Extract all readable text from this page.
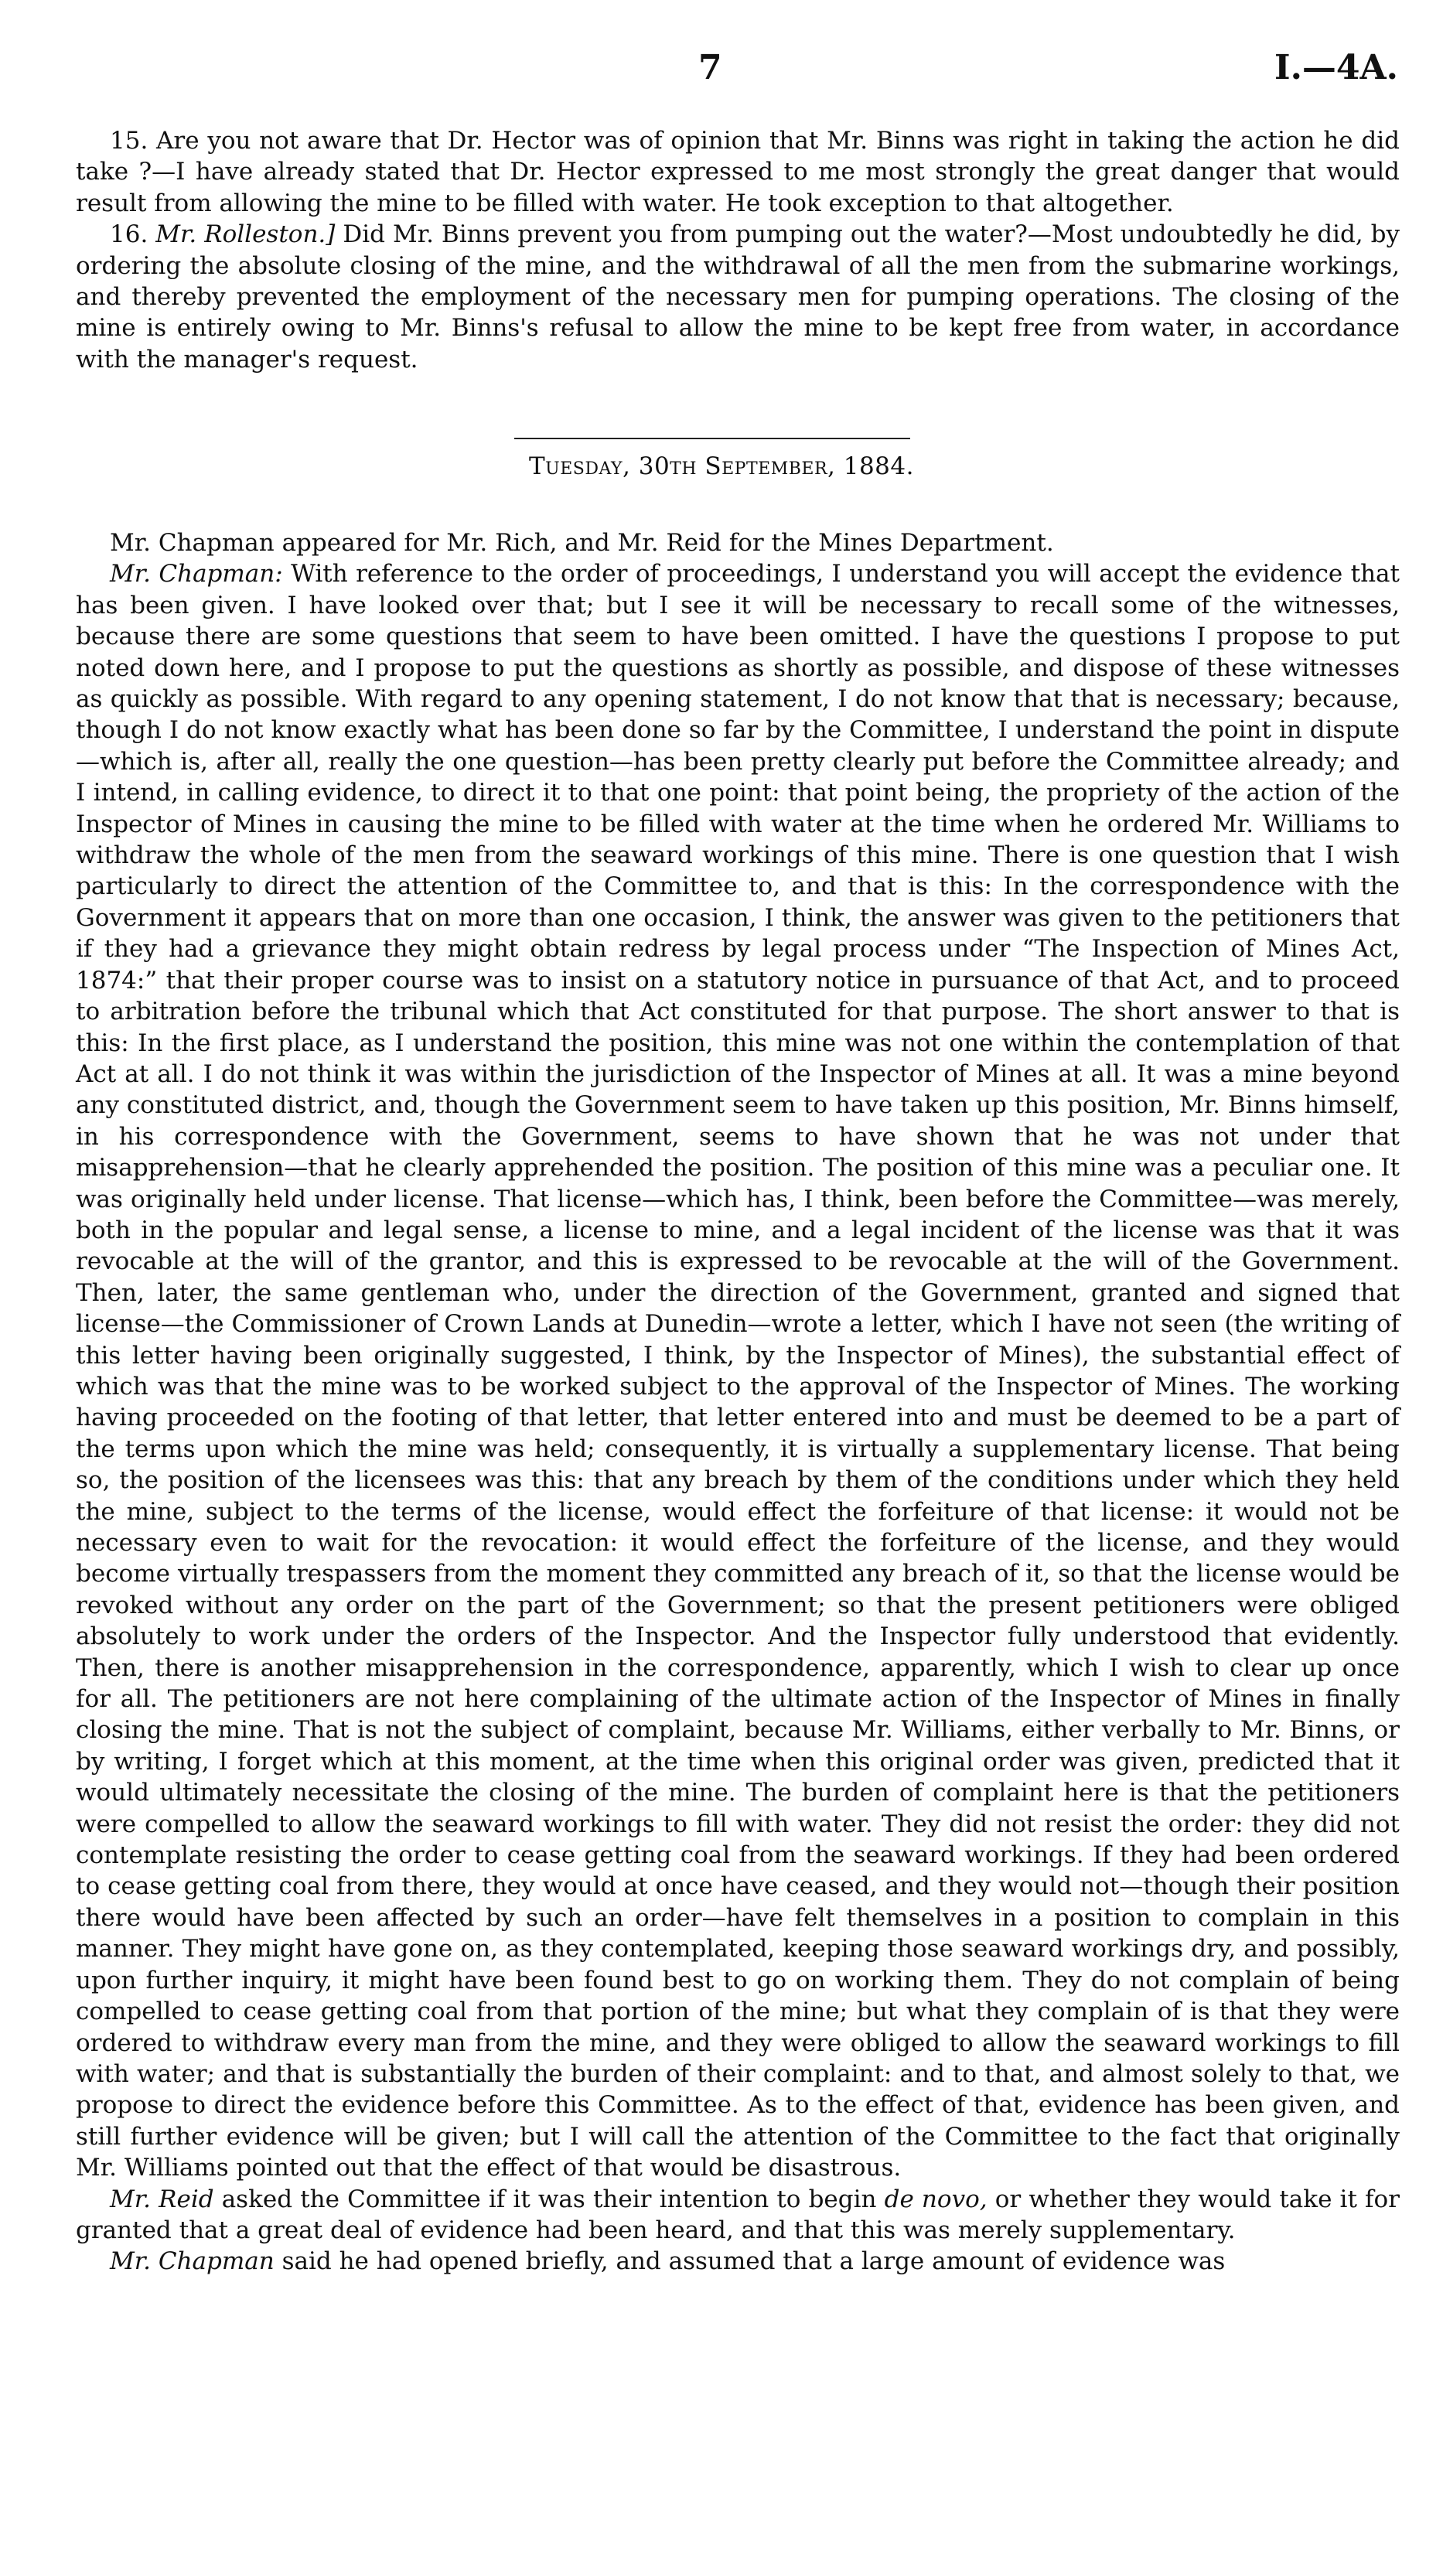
7	I.—4A.

15. Are you not aware that Dr. Hector was of opinion that Mr. Binns was right in taking the action he did take ?—I have already stated that Dr. Hector expressed to me most strongly the great danger that would result from allowing the mine to be filled with water. He took exception to that altogether.

16. Mr. Rolleston.] Did Mr. Binns prevent you from pumping out the water?—Most undoubtedly he did, by ordering the absolute closing of the mine, and the withdrawal of all the men from the submarine workings, and thereby prevented the employment of the necessary men for pumping operations. The closing of the mine is entirely owing to Mr. Binns's refusal to allow the mine to be kept free from water, in accordance with the manager's request.

Tuesday, 30th September, 1884.

Mr. Chapman appeared for Mr. Rich, and Mr. Reid for the Mines Department.

Mr. Chapman: With reference to the order of proceedings, I understand you will accept the evidence that has been given. I have looked over that; but I see it will be necessary to recall some of the witnesses, because there are some questions that seem to have been omitted. I have the questions I propose to put noted down here, and I propose to put the questions as shortly as possible, and dispose of these witnesses as quickly as possible. With regard to any opening statement, I do not know that that is necessary; because, though I do not know exactly what has been done so far by the Committee, I understand the point in dispute—which is, after all, really the one question—has been pretty clearly put before the Committee already; and I intend, in calling evidence, to direct it to that one point: that point being, the propriety of the action of the Inspector of Mines in causing the mine to be filled with water at the time when he ordered Mr. Williams to withdraw the whole of the men from the seaward workings of this mine. There is one question that I wish particularly to direct the attention of the Committee to, and that is this: In the correspondence with the Government it appears that on more than one occasion, I think, the answer was given to the petitioners that if they had a grievance they might obtain redress by legal process under “The Inspection of Mines Act, 1874:” that their proper course was to insist on a statutory notice in pursuance of that Act, and to proceed to arbitration before the tribunal which that Act constituted for that purpose. The short answer to that is this: In the first place, as I understand the position, this mine was not one within the contemplation of that Act at all. I do not think it was within the jurisdiction of the Inspector of Mines at all. It was a mine beyond any constituted district, and, though the Government seem to have taken up this position, Mr. Binns himself, in his correspondence with the Government, seems to have shown that he was not under that misapprehension—that he clearly apprehended the position. The position of this mine was a peculiar one. It was originally held under license. That license—which has, I think, been before the Committee—was merely, both in the popular and legal sense, a license to mine, and a legal incident of the license was that it was revocable at the will of the grantor, and this is expressed to be revocable at the will of the Government. Then, later, the same gentleman who, under the direction of the Government, granted and signed that license—the Commissioner of Crown Lands at Dunedin—wrote a letter, which I have not seen (the writing of this letter having been originally suggested, I think, by the Inspector of Mines), the substantial effect of which was that the mine was to be worked subject to the approval of the Inspector of Mines. The working having proceeded on the footing of that letter, that letter entered into and must be deemed to be a part of the terms upon which the mine was held; consequently, it is virtually a supplementary license. That being so, the position of the licensees was this: that any breach by them of the conditions under which they held the mine, subject to the terms of the license, would effect the forfeiture of that license: it would not be necessary even to wait for the revocation: it would effect the forfeiture of the license, and they would become virtually trespassers from the moment they committed any breach of it, so that the license would be revoked without any order on the part of the Government; so that the present petitioners were obliged absolutely to work under the orders of the Inspector. And the Inspector fully understood that evidently. Then, there is another misapprehension in the correspondence, apparently, which I wish to clear up once for all. The petitioners are not here complaining of the ultimate action of the Inspector of Mines in finally closing the mine. That is not the subject of complaint, because Mr. Williams, either verbally to Mr. Binns, or by writing, I forget which at this moment, at the time when this original order was given, predicted that it would ultimately necessitate the closing of the mine. The burden of complaint here is that the petitioners were compelled to allow the seaward workings to fill with water. They did not resist the order: they did not contemplate resisting the order to cease getting coal from the seaward workings. If they had been ordered to cease getting coal from there, they would at once have ceased, and they would not—though their position there would have been affected by such an order—have felt themselves in a position to complain in this manner. They might have gone on, as they contemplated, keeping those seaward workings dry, and possibly, upon further inquiry, it might have been found best to go on working them. They do not complain of being compelled to cease getting coal from that portion of the mine; but what they complain of is that they were ordered to withdraw every man from the mine, and they were obliged to allow the seaward workings to fill with water; and that is substantially the burden of their complaint: and to that, and almost solely to that, we propose to direct the evidence before this Committee. As to the effect of that, evidence has been given, and still further evidence will be given; but I will call the attention of the Committee to the fact that originally Mr. Williams pointed out that the effect of that would be disastrous.

Mr. Reid asked the Committee if it was their intention to begin de novo, or whether they would take it for granted that a great deal of evidence had been heard, and that this was merely supplementary.

Mr. Chapman said he had opened briefly, and assumed that a large amount of evidence was
